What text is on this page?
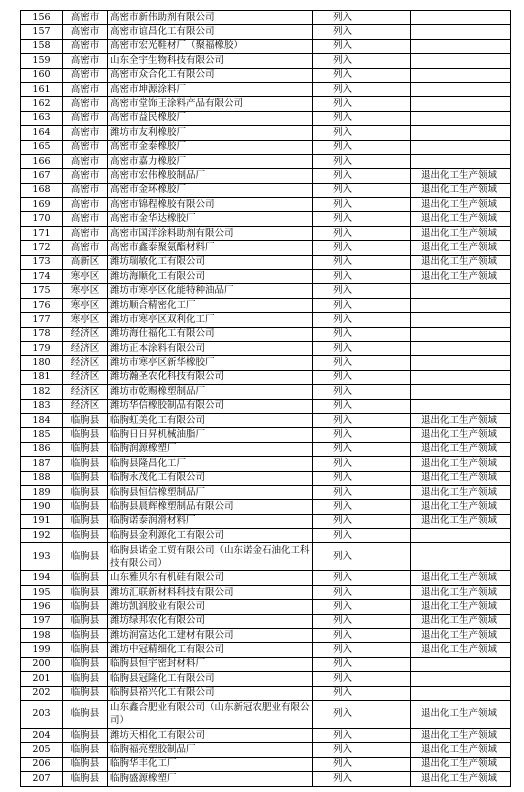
156	高密市	高密市新伟助剂有限公司	列入	
157	高密市	高密市谊昌化工有限公司	列入	
158	高密市	高密市宏光鞋材厂（聚福橡胶）	列入	
159	高密市	山东全宇生物科技有限公司	列入	
160	高密市	高密市众合化工有限公司	列入	
161	高密市	高密市坤源涂料厂	列入	
162	高密市	高密市堂饰王涂料产品有限公司	列入	
163	高密市	高密市益民橡胶厂	列入	
164	高密市	潍坊市友利橡胶厂	列入	
165	高密市	高密市金泰橡胶厂	列入	
166	高密市	高密市嘉力橡胶厂	列入	
167	高密市	高密市宏伟橡胶制品厂	列入	退出化工生产领域
168	高密市	高密市金环橡胶厂	列入	退出化工生产领域
169	高密市	高密市锦程橡胶有限公司	列入	退出化工生产领域
170	高密市	高密市金华达橡胶厂	列入	退出化工生产领域
171	高密市	高密市国洋涂料助剂有限公司	列入	退出化工生产领域
172	高密市	高密市鑫泰聚氨酯材料厂	列入	退出化工生产领域
173	高新区	潍坊瑞敏化工有限公司	列入	退出化工生产领域
174	寒亭区	潍坊海顺化工有限公司	列入	退出化工生产领域
175	寒亭区	潍坊市寒亭区化能特种油品厂	列入	
176	寒亭区	潍坊顺合精密化工厂	列入	
177	寒亭区	潍坊市寒亭区双利化工厂	列入	
178	经济区	潍坊海仕福化工有限公司	列入	
179	经济区	潍坊正本涂料有限公司	列入	
180	经济区	潍坊市寒亭区新华橡胶厂	列入	
181	经济区	潍坊瀚圣农化科技有限公司	列入	
182	经济区	潍坊市乾赐橡塑制品厂	列入	
183	经济区	潍坊华信橡胶制品有限公司	列入	
184	临朐县	临朐虹美化工有限公司	列入	退出化工生产领域
185	临朐县	临朐日日昇机械油脂厂	列入	退出化工生产领域
186	临朐县	临朐润源橡塑厂	列入	退出化工生产领域
187	临朐县	临朐县隆昌化工厂	列入	退出化工生产领域
188	临朐县	临朐永茂化工有限公司	列入	退出化工生产领域
189	临朐县	临朐县恒信橡塑制品厂	列入	退出化工生产领域
190	临朐县	临朐县晨辉橡塑制品有限公司	列入	退出化工生产领域
191	临朐县	临朐诺泰润滑材料厂	列入	退出化工生产领域
192	临朐县	临朐县金利源化工有限公司	列入	
193	临朐县	临朐县诺金工贸有限公司（山东诺金石油化工科技有限公司）	列入	
194	临朐县	山东雅贝尔有机硅有限公司	列入	退出化工生产领域
195	临朐县	潍坊汇联新材料科技有限公司	列入	退出化工生产领域
196	临朐县	潍坊凯润胶业有限公司	列入	退出化工生产领域
197	临朐县	潍坊绿邦农化有限公司	列入	退出化工生产领域
198	临朐县	潍坊润富达化工建材有限公司	列入	退出化工生产领域
199	临朐县	潍坊中冠精细化工有限公司	列入	退出化工生产领域
200	临朐县	临朐县恒宇密封材料厂	列入	
201	临朐县	临朐县冠隆化工有限公司	列入	
202	临朐县	临朐县裕兴化工有限公司	列入	
203	临朐县	山东鑫合肥业有限公司（山东新冠农肥业有限公司）	列入	退出化工生产领域
204	临朐县	潍坊天相化工有限公司	列入	退出化工生产领域
205	临朐县	临朐福亮塑胶制品厂	列入	退出化工生产领域
206	临朐县	临朐华丰化工厂	列入	退出化工生产领域
207	临朐县	临朐盛源橡塑厂	列入	退出化工生产领域
